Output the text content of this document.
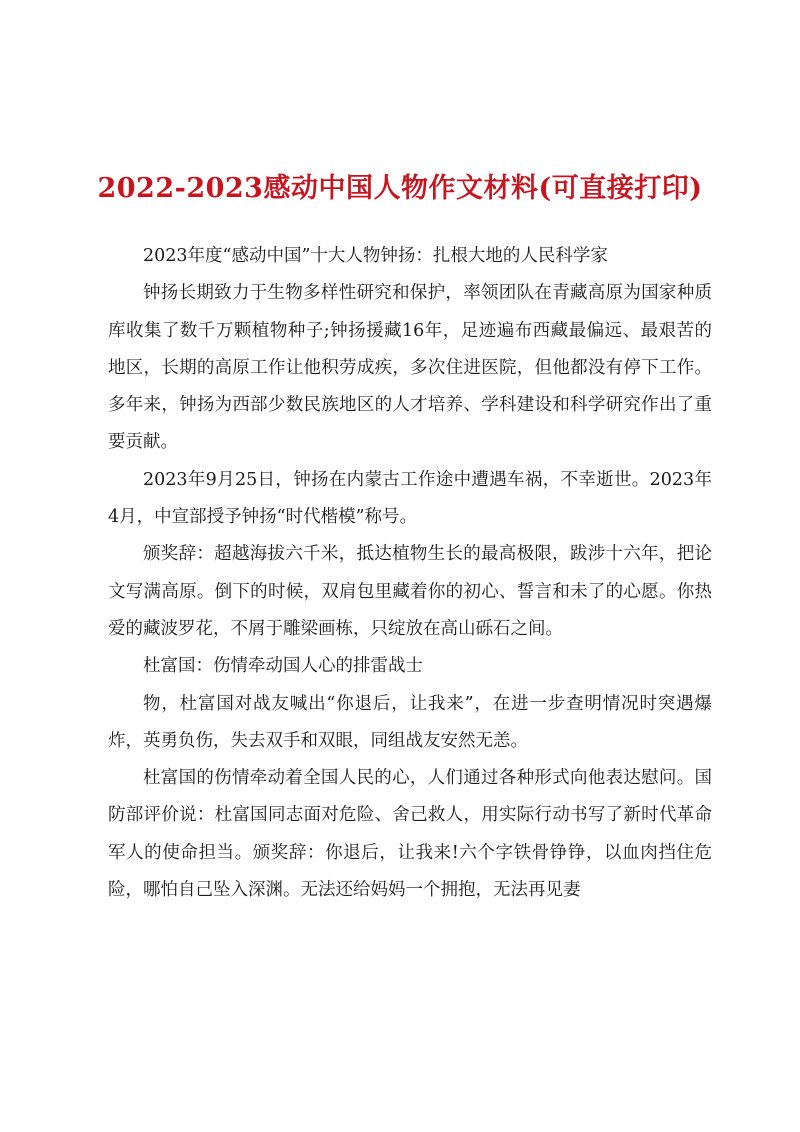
2022-2023感动中国人物作文材料(可直接打印)

2023年度“感动中国”十大人物钟扬：扎根大地的人民科学家

钟扬长期致力于生物多样性研究和保护，率领团队在青藏高原为国家种质库收集了数千万颗植物种子;钟扬援藏16年，足迹遍布西藏最偏远、最艰苦的地区，长期的高原工作让他积劳成疾，多次住进医院，但他都没有停下工作。多年来，钟扬为西部少数民族地区的人才培养、学科建设和科学研究作出了重要贡献。

2023年9月25日，钟扬在内蒙古工作途中遭遇车祸，不幸逝世。2023年4月，中宣部授予钟扬“时代楷模”称号。

颁奖辞：超越海拔六千米，抵达植物生长的最高极限，跋涉十六年，把论文写满高原。倒下的时候，双肩包里藏着你的初心、誓言和未了的心愿。你热爱的藏波罗花，不屑于雕梁画栋，只绽放在高山砾石之间。

杜富国：伤情牵动国人心的排雷战士

物，杜富国对战友喊出“你退后，让我来”，在进一步查明情况时突遇爆炸，英勇负伤，失去双手和双眼，同组战友安然无恙。

杜富国的伤情牵动着全国人民的心，人们通过各种形式向他表达慰问。国防部评价说：杜富国同志面对危险、舍己救人，用实际行动书写了新时代革命军人的使命担当。颁奖辞：你退后，让我来!六个字铁骨铮铮，以血肉挡住危险，哪怕自己坠入深渊。无法还给妈妈一个拥抱，无法再见妻
